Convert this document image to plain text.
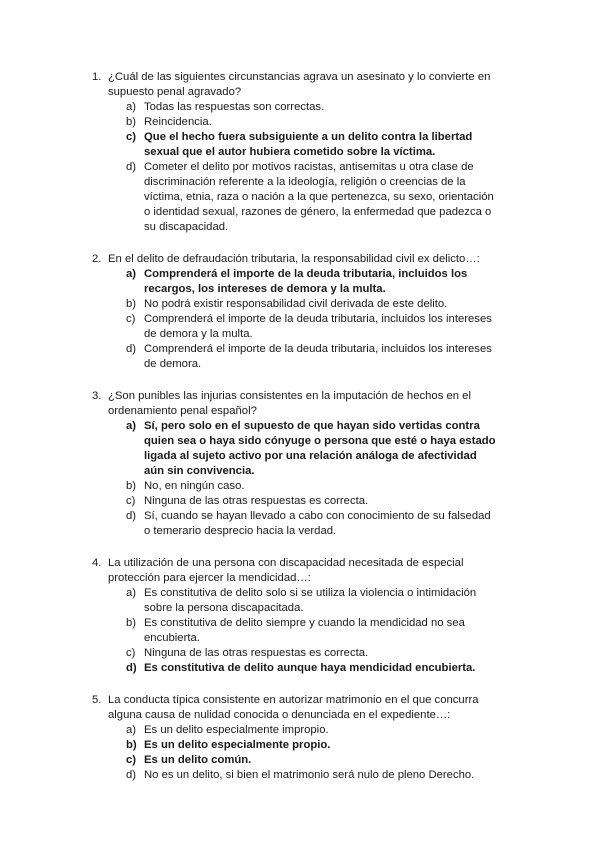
1. ¿Cuál de las siguientes circunstancias agrava un asesinato y lo convierte en supuesto penal agravado?
a) Todas las respuestas son correctas.
b) Reincidencia.
c) Que el hecho fuera subsiguiente a un delito contra la libertad sexual que el autor hubiera cometido sobre la víctima.
d) Cometer el delito por motivos racistas, antisemitas u otra clase de discriminación referente a la ideología, religión o creencias de la víctima, etnia, raza o nación a la que pertenezca, su sexo, orientación o identidad sexual, razones de género, la enfermedad que padezca o su discapacidad.
2. En el delito de defraudación tributaria, la responsabilidad civil ex delicto…:
a) Comprenderá el importe de la deuda tributaria, incluidos los recargos, los intereses de demora y la multa.
b) No podrá existir responsabilidad civil derivada de este delito.
c) Comprenderá el importe de la deuda tributaria, incluidos los intereses de demora y la multa.
d) Comprenderá el importe de la deuda tributaria, incluidos los intereses de demora.
3. ¿Son punibles las injurias consistentes en la imputación de hechos en el ordenamiento penal español?
a) Sí, pero solo en el supuesto de que hayan sido vertidas contra quien sea o haya sido cónyuge o persona que esté o haya estado ligada al sujeto activo por una relación análoga de afectividad aún sin convivencia.
b) No, en ningún caso.
c) Ninguna de las otras respuestas es correcta.
d) Sí, cuando se hayan llevado a cabo con conocimiento de su falsedad o temerario desprecio hacia la verdad.
4. La utilización de una persona con discapacidad necesitada de especial protección para ejercer la mendicidad…:
a) Es constitutiva de delito solo si se utiliza la violencia o intimidación sobre la persona discapacitada.
b) Es constitutiva de delito siempre y cuando la mendicidad no sea encubierta.
c) Ninguna de las otras respuestas es correcta.
d) Es constitutiva de delito aunque haya mendicidad encubierta.
5. La conducta típica consistente en autorizar matrimonio en el que concurra alguna causa de nulidad conocida o denunciada en el expediente…:
a) Es un delito especialmente impropio.
b) Es un delito especialmente propio.
c) Es un delito común.
d) No es un delito, si bien el matrimonio será nulo de pleno Derecho.
